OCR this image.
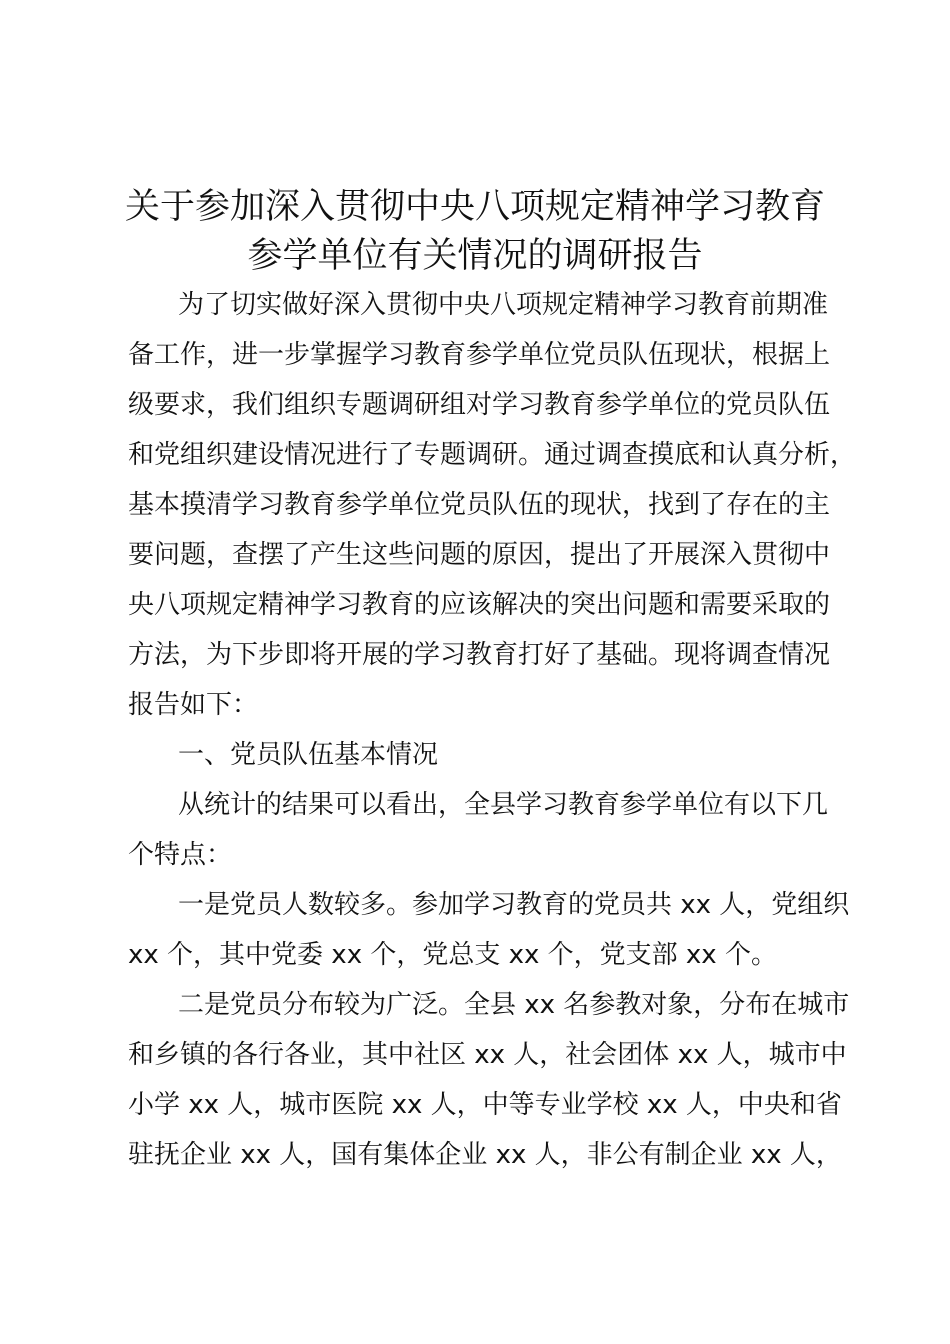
关于参加深入贯彻中央八项规定精神学习教育
参学单位有关情况的调研报告

为了切实做好深入贯彻中央八项规定精神学习教育前期准

备工作，进一步掌握学习教育参学单位党员队伍现状，根据上

级要求，我们组织专题调研组对学习教育参学单位的党员队伍

和党组织建设情况进行了专题调研。通过调查摸底和认真分析，

基本摸清学习教育参学单位党员队伍的现状，找到了存在的主

要问题，查摆了产生这些问题的原因，提出了开展深入贯彻中

央八项规定精神学习教育的应该解决的突出问题和需要采取的

方法，为下步即将开展的学习教育打好了基础。现将调查情况

报告如下：

一、党员队伍基本情况

从统计的结果可以看出，全县学习教育参学单位有以下几

个特点：

一是党员人数较多。参加学习教育的党员共 xx 人，党组织

xx 个，其中党委 xx 个，党总支 xx 个，党支部 xx 个。

二是党员分布较为广泛。全县 xx 名参教对象，分布在城市

和乡镇的各行各业，其中社区 xx 人，社会团体 xx 人，城市中

小学 xx 人，城市医院 xx 人，中等专业学校 xx 人，中央和省

驻抚企业 xx 人，国有集体企业 xx 人，非公有制企业 xx 人，
